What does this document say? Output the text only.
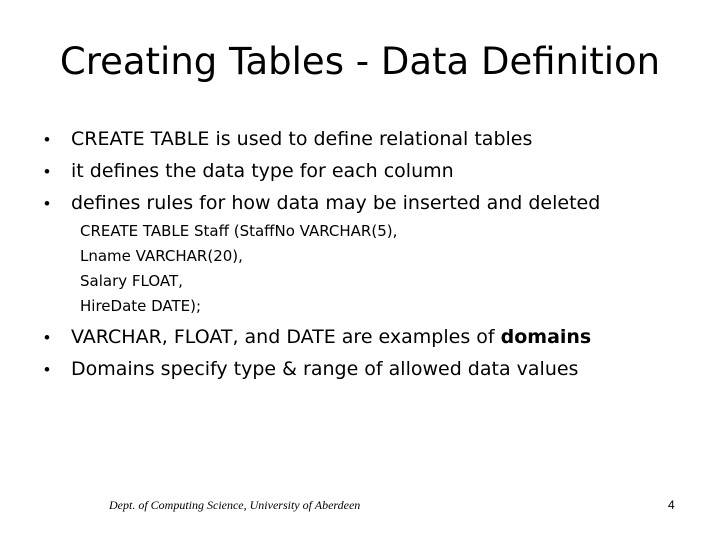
Creating Tables - Data Definition
•	CREATE TABLE is used to define relational tables
•	it defines the data type for each column
•	defines rules for how data may be inserted and deleted
CREATE TABLE Staff (StaffNo VARCHAR(5),
Lname VARCHAR(20),
Salary FLOAT,
HireDate DATE);
•	VARCHAR, FLOAT, and DATE are examples of domains
•	Domains specify type & range of allowed data values
Dept. of Computing Science, University of Aberdeen	4
